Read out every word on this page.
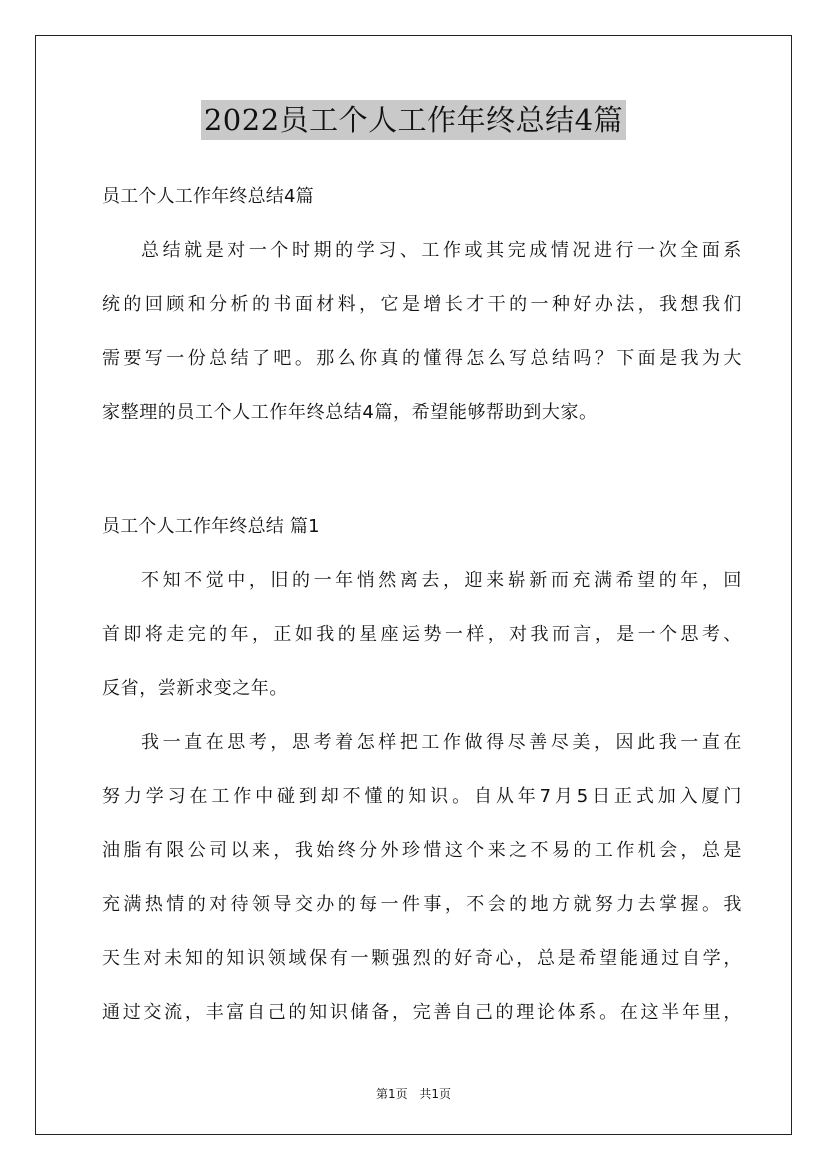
2022员工个人工作年终总结4篇
员工个人工作年终总结4篇
总结就是对一个时期的学习、工作或其完成情况进行一次全面系
统的回顾和分析的书面材料，它是增长才干的一种好办法，我想我们
需要写一份总结了吧。那么你真的懂得怎么写总结吗？下面是我为大
家整理的员工个人工作年终总结4篇，希望能够帮助到大家。
员工个人工作年终总结 篇1
不知不觉中，旧的一年悄然离去，迎来崭新而充满希望的年，回
首即将走完的年，正如我的星座运势一样，对我而言，是一个思考、
反省，尝新求变之年。
我一直在思考，思考着怎样把工作做得尽善尽美，因此我一直在
努力学习在工作中碰到却不懂的知识。自从年7月5日正式加入厦门
油脂有限公司以来，我始终分外珍惜这个来之不易的工作机会，总是
充满热情的对待领导交办的每一件事，不会的地方就努力去掌握。我
天生对未知的知识领域保有一颗强烈的好奇心，总是希望能通过自学，
通过交流，丰富自己的知识储备，完善自己的理论体系。在这半年里，
第1页 共1页
